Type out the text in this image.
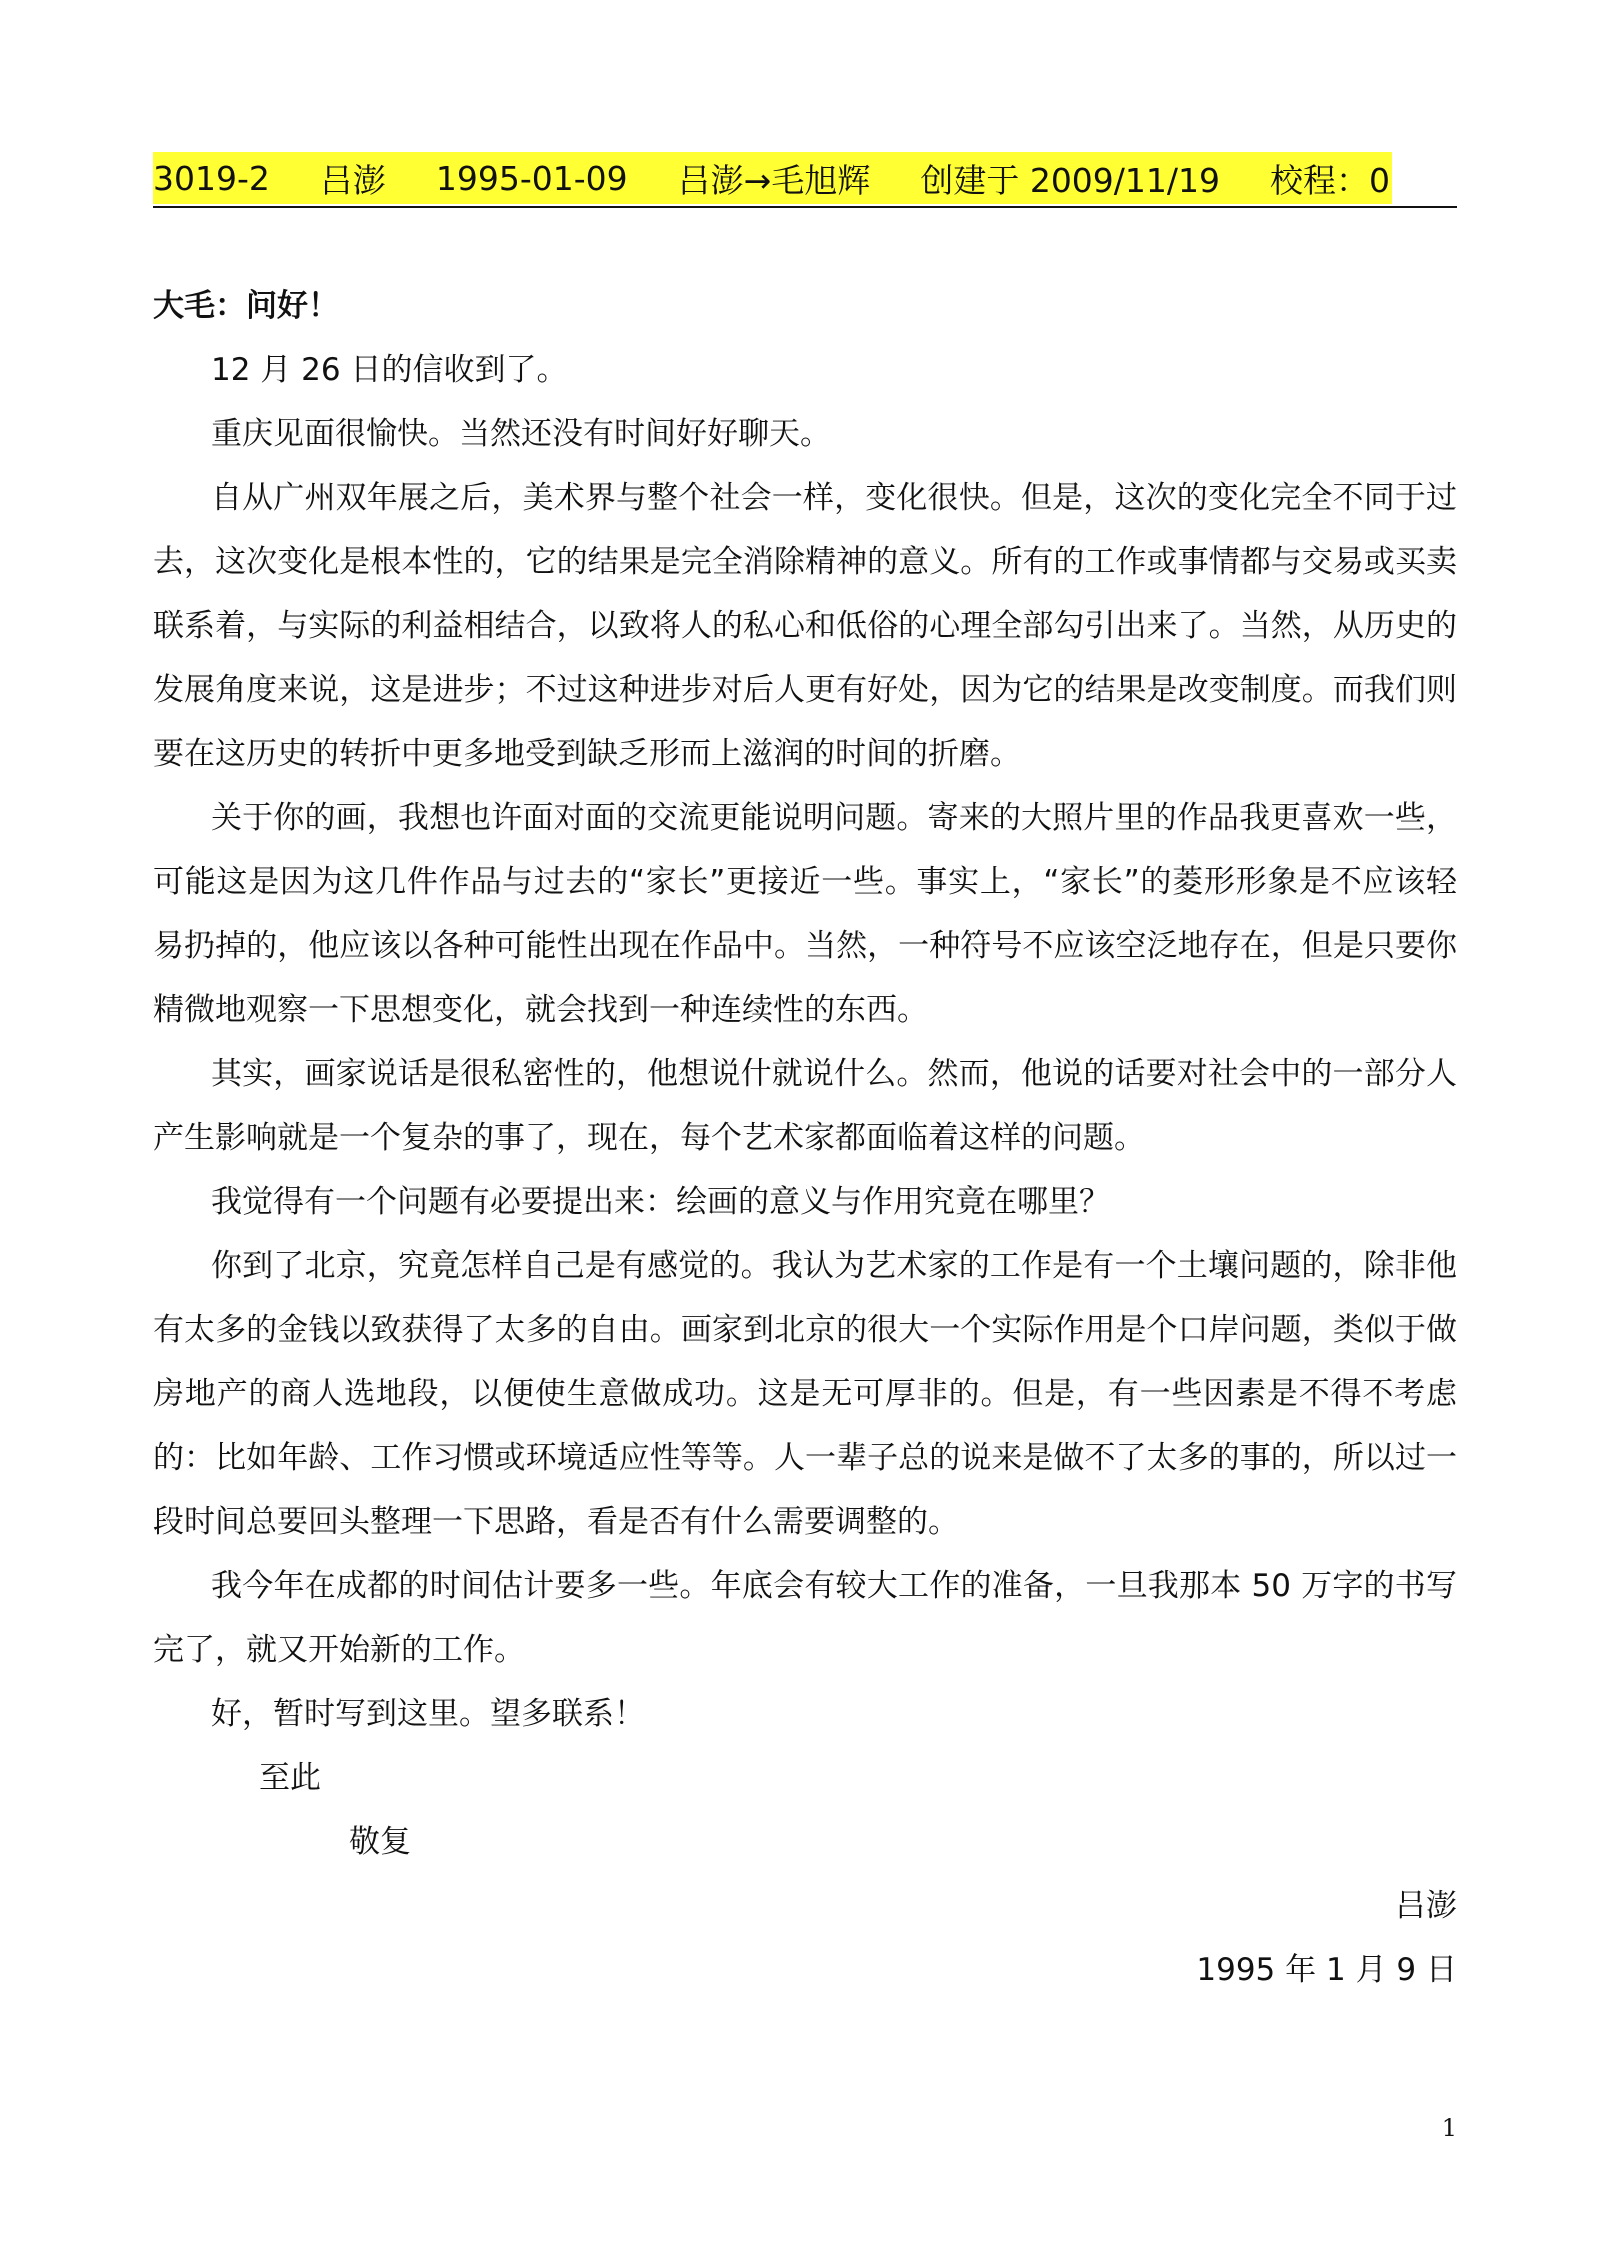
3019-2 吕澎 1995-01-09 吕澎→毛旭辉 创建于 2009/11/19 校程：0
大毛：问好！

12 月 26 日的信收到了。

重庆见面很愉快。当然还没有时间好好聊天。

自从广州双年展之后，美术界与整个社会一样，变化很快。但是，这次的变化完全不同于过去，这次变化是根本性的，它的结果是完全消除精神的意义。所有的工作或事情都与交易或买卖联系着，与实际的利益相结合，以致将人的私心和低俗的心理全部勾引出来了。当然，从历史的发展角度来说，这是进步；不过这种进步对后人更有好处，因为它的结果是改变制度。而我们则要在这历史的转折中更多地受到缺乏形而上滋润的时间的折磨。

关于你的画，我想也许面对面的交流更能说明问题。寄来的大照片里的作品我更喜欢一些，可能这是因为这几件作品与过去的“家长”更接近一些。事实上，“家长”的菱形形象是不应该轻易扔掉的，他应该以各种可能性出现在作品中。当然，一种符号不应该空泛地存在，但是只要你精微地观察一下思想变化，就会找到一种连续性的东西。

其实，画家说话是很私密性的，他想说什就说什么。然而，他说的话要对社会中的一部分人产生影响就是一个复杂的事了，现在，每个艺术家都面临着这样的问题。

我觉得有一个问题有必要提出来：绘画的意义与作用究竟在哪里？

你到了北京，究竟怎样自己是有感觉的。我认为艺术家的工作是有一个土壤问题的，除非他有太多的金钱以致获得了太多的自由。画家到北京的很大一个实际作用是个口岸问题，类似于做房地产的商人选地段，以便使生意做成功。这是无可厚非的。但是，有一些因素是不得不考虑的：比如年龄、工作习惯或环境适应性等等。人一辈子总的说来是做不了太多的事的，所以过一段时间总要回头整理一下思路，看是否有什么需要调整的。

我今年在成都的时间估计要多一些。年底会有较大工作的准备，一旦我那本 50 万字的书写完了，就又开始新的工作。

好，暂时写到这里。望多联系！

至此
敬复
吕澎
1995 年 1 月 9 日
1
